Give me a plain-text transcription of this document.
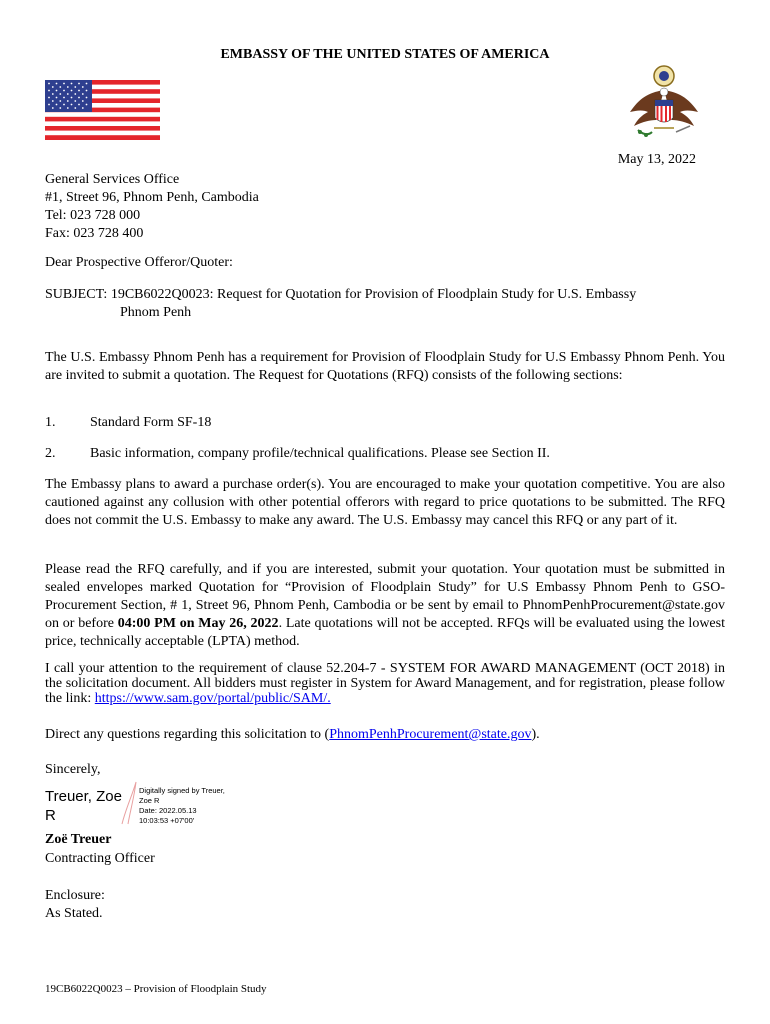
EMBASSY OF THE UNITED STATES OF AMERICA
May 13, 2022
General Services Office
#1, Street 96, Phnom Penh, Cambodia
Tel: 023 728 000
Fax: 023 728 400
Dear Prospective Offeror/Quoter:
SUBJECT: 19CB6022Q0023: Request for Quotation for Provision of Floodplain Study for U.S. Embassy
Phnom Penh

The U.S. Embassy Phnom Penh has a requirement for Provision of Floodplain Study for U.S Embassy Phnom Penh. You are invited to submit a quotation. The Request for Quotations (RFQ) consists of the following sections:

1. Standard Form SF-18
2. Basic information, company profile/technical qualifications. Please see Section II.

The Embassy plans to award a purchase order(s). You are encouraged to make your quotation competitive. You are also cautioned against any collusion with other potential offerors with regard to price quotations to be submitted. The RFQ does not commit the U.S. Embassy to make any award. The U.S. Embassy may cancel this RFQ or any part of it.

Please read the RFQ carefully, and if you are interested, submit your quotation. Your quotation must be submitted in sealed envelopes marked Quotation for “Provision of Floodplain Study” for U.S Embassy Phnom Penh to GSO-Procurement Section, # 1, Street 96, Phnom Penh, Cambodia or be sent by email to PhnomPenhProcurement@state.gov on or before 04:00 PM on May 26, 2022. Late quotations will not be accepted. RFQs will be evaluated using the lowest price, technically acceptable (LPTA) method.

I call your attention to the requirement of clause 52.204-7 - SYSTEM FOR AWARD MANAGEMENT (OCT 2018) in the solicitation document. All bidders must register in System for Award Management, and for registration, please follow the link: https://www.sam.gov/portal/public/SAM/.

Direct any questions regarding this solicitation to (PhnomPenhProcurement@state.gov).

Sincerely,
Treuer, Zoe
R
Digitally signed by Treuer,
Zoe R
Date: 2022.05.13
10:03:53 +07'00'
Zoë Treuer
Contracting Officer
Enclosure:
As Stated.
19CB6022Q0023 – Provision of Floodplain Study
